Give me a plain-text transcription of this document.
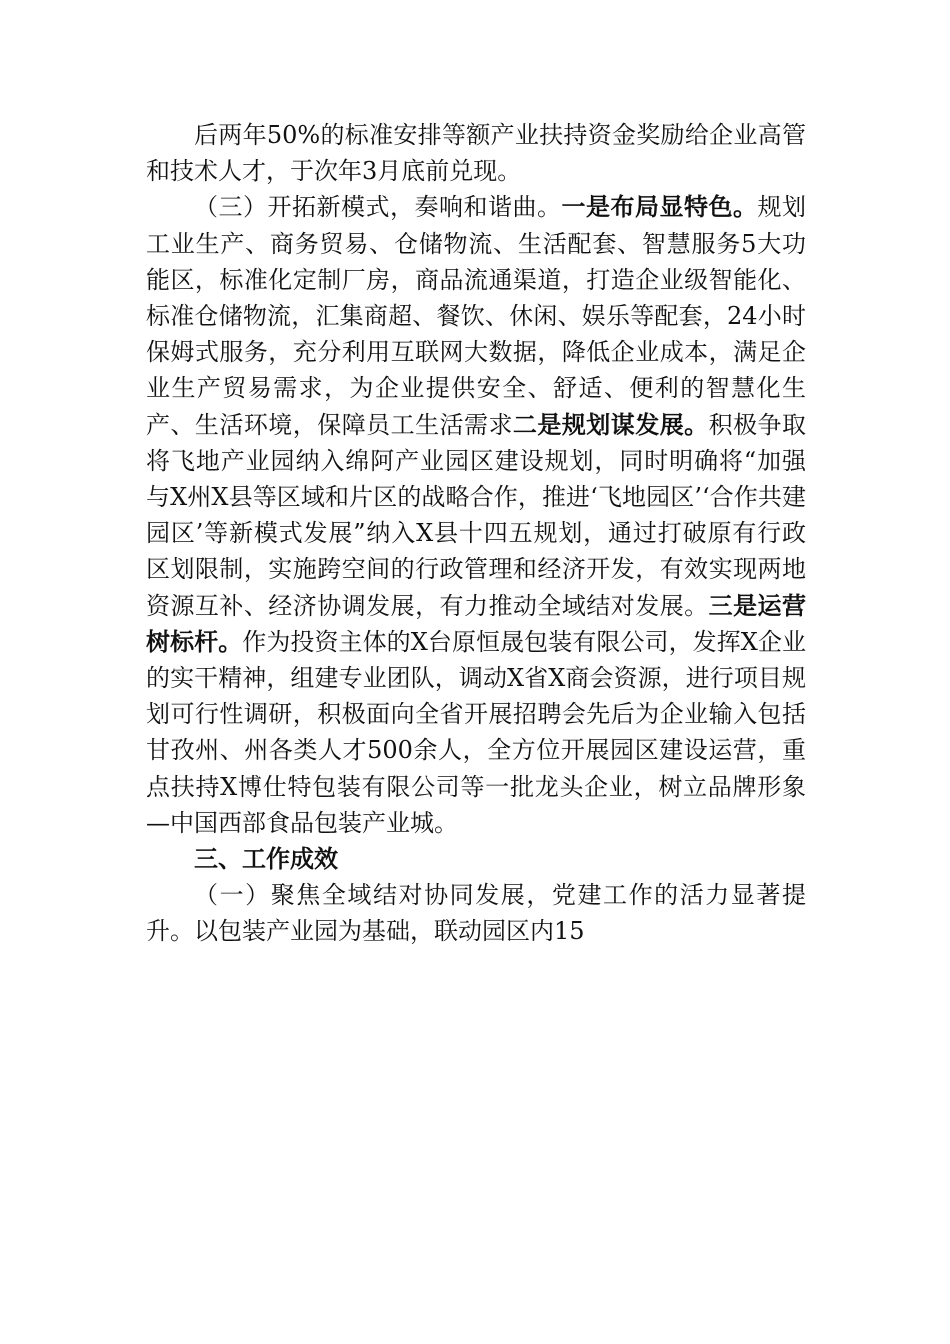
后两年50%的标准安排等额产业扶持资金奖励给企业高管和技术人才，于次年3月底前兑现。

（三）开拓新模式，奏响和谐曲。一是布局显特色。规划工业生产、商务贸易、仓储物流、生活配套、智慧服务5大功能区，标准化定制厂房，商品流通渠道，打造企业级智能化、标准仓储物流，汇集商超、餐饮、休闲、娱乐等配套，24小时保姆式服务，充分利用互联网大数据，降低企业成本，满足企业生产贸易需求，为企业提供安全、舒适、便利的智慧化生产、生活环境，保障员工生活需求二是规划谋发展。积极争取将飞地产业园纳入绵阿产业园区建设规划，同时明确将“加强与X州X县等区域和片区的战略合作，推进‘飞地园区’‘合作共建园区’等新模式发展”纳入X县十四五规划，通过打破原有行政区划限制，实施跨空间的行政管理和经济开发，有效实现两地资源互补、经济协调发展，有力推动全域结对发展。三是运营树标杆。作为投资主体的X台原恒晟包装有限公司，发挥X企业的实干精神，组建专业团队，调动X省X商会资源，进行项目规划可行性调研，积极面向全省开展招聘会先后为企业输入包括甘孜州、州各类人才500余人，全方位开展园区建设运营，重点扶持X博仕特包装有限公司等一批龙头企业，树立品牌形象—中国西部食品包装产业城。

三、工作成效

（一）聚焦全域结对协同发展，党建工作的活力显著提升。以包装产业园为基础，联动园区内15
